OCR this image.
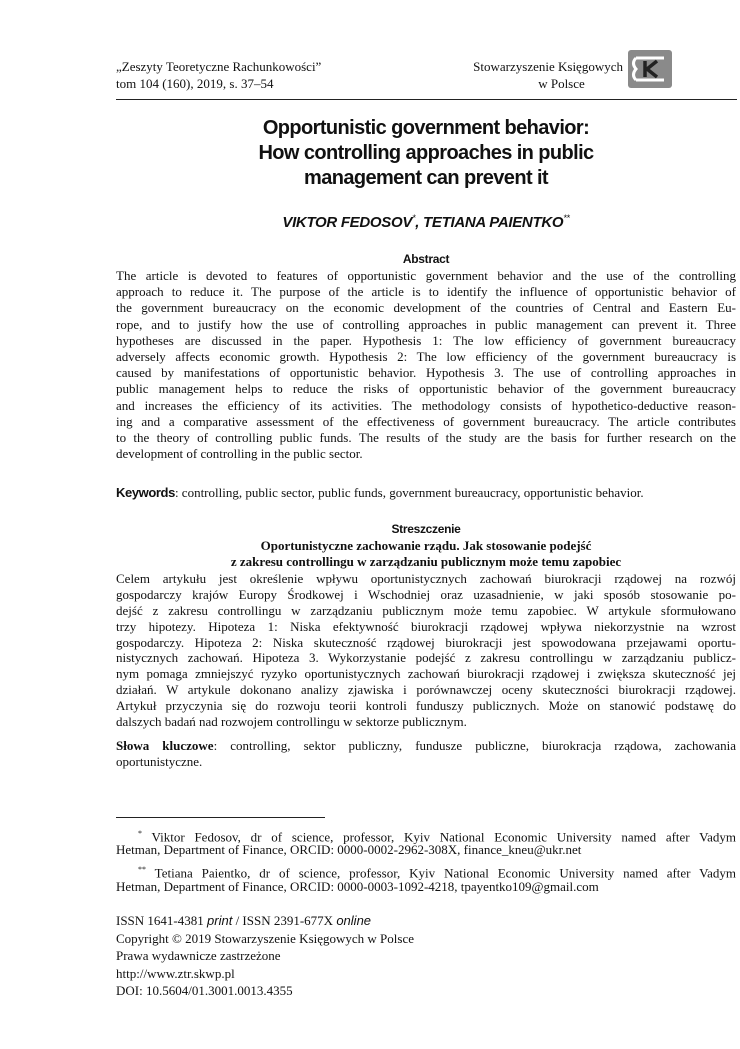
„Zeszyty Teoretyczne Rachunkowości”
tom 104 (160), 2019, s. 37–54
Stowarzyszenie Księgowych
w Polsce
Opportunistic government behavior:
How controlling approaches in public
management can prevent it
VIKTOR FEDOSOV*, TETIANA PAIENTKO**
Abstract
The article is devoted to features of opportunistic government behavior and the use of the controlling
approach to reduce it. The purpose of the article is to identify the influence of opportunistic behavior of
the government bureaucracy on the economic development of the countries of Central and Eastern Eu-
rope, and to justify how the use of controlling approaches in public management can prevent it. Three
hypotheses are discussed in the paper. Hypothesis 1: The low efficiency of government bureaucracy
adversely affects economic growth. Hypothesis 2: The low efficiency of the government bureaucracy is
caused by manifestations of opportunistic behavior. Hypothesis 3. The use of controlling approaches in
public management helps to reduce the risks of opportunistic behavior of the government bureaucracy
and increases the efficiency of its activities. The methodology consists of hypothetico-deductive reason-
ing and a comparative assessment of the effectiveness of government bureaucracy. The article contributes
to the theory of controlling public funds. The results of the study are the basis for further research on the
development of controlling in the public sector.
Keywords: controlling, public sector, public funds, government bureaucracy, opportunistic behavior.
Streszczenie
Oportunistyczne zachowanie rządu. Jak stosowanie podejść
z zakresu controllingu w zarządzaniu publicznym może temu zapobiec
Celem artykułu jest określenie wpływu oportunistycznych zachowań biurokracji rządowej na rozwój
gospodarczy krajów Europy Środkowej i Wschodniej oraz uzasadnienie, w jaki sposób stosowanie po-
dejść z zakresu controllingu w zarządzaniu publicznym może temu zapobiec. W artykule sformułowano
trzy hipotezy. Hipoteza 1: Niska efektywność biurokracji rządowej wpływa niekorzystnie na wzrost
gospodarczy. Hipoteza 2: Niska skuteczność rządowej biurokracji jest spowodowana przejawami oportu-
nistycznych zachowań. Hipoteza 3. Wykorzystanie podejść z zakresu controllingu w zarządzaniu publicz-
nym pomaga zmniejszyć ryzyko oportunistycznych zachowań biurokracji rządowej i zwiększa skuteczność jej
działań. W artykule dokonano analizy zjawiska i porównawczej oceny skuteczności biurokracji rządowej.
Artykuł przyczynia się do rozwoju teorii kontroli funduszy publicznych. Może on stanowić podstawę do
dalszych badań nad rozwojem controllingu w sektorze publicznym.
Słowa kluczowe: controlling, sektor publiczny, fundusze publiczne, biurokracja rządowa, zachowania
oportunistyczne.
* Viktor Fedosov, dr of science, professor, Kyiv National Economic University named after Vadym
Hetman, Department of Finance, ORCID: 0000-0002-2962-308X, finance_kneu@ukr.net
** Tetiana Paientko, dr of science, professor, Kyiv National Economic University named after Vadym
Hetman, Department of Finance, ORCID: 0000-0003-1092-4218, tpayentko109@gmail.com
ISSN 1641-4381 print / ISSN 2391-677X online
Copyright © 2019 Stowarzyszenie Księgowych w Polsce
Prawa wydawnicze zastrzeżone
http://www.ztr.skwp.pl
DOI: 10.5604/01.3001.0013.4355
